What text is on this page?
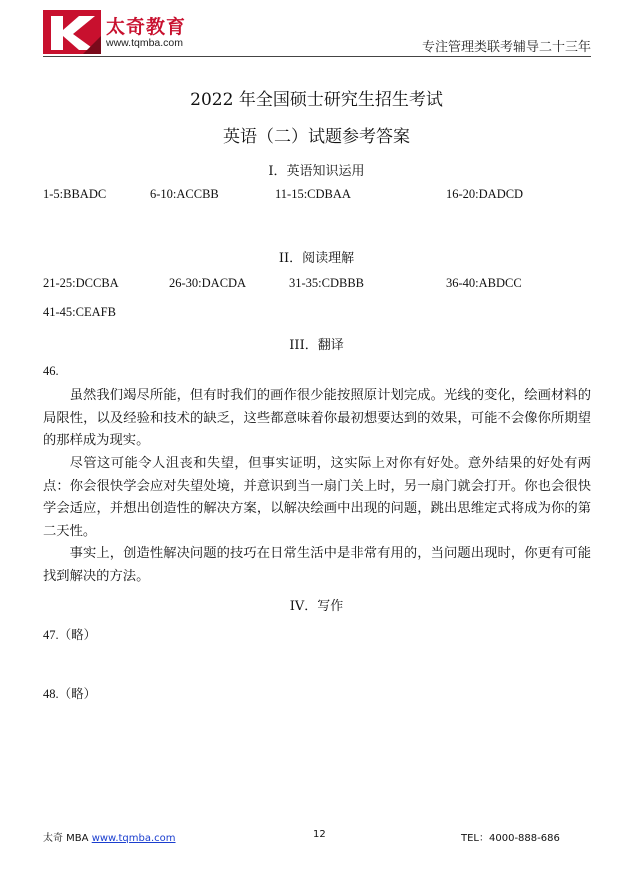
太奇教育
www.tqmba.com	专注管理类联考辅导二十三年
2022 年全国硕士研究生招生考试
英语（二）试题参考答案
I．英语知识运用
1-5:BBADC	6-10:ACCBB	11-15:CDBAA	16-20:DADCD
II．阅读理解
21-25:DCCBA	26-30:DACDA	31-35:CDBBB	36-40:ABDCC
41-45:CEAFB
III．翻译
46.

虽然我们竭尽所能，但有时我们的画作很少能按照原计划完成。光线的变化，绘画材料的局限性，以及经验和技术的缺乏，这些都意味着你最初想要达到的效果，可能不会像你所期望的那样成为现实。

尽管这可能令人沮丧和失望，但事实证明，这实际上对你有好处。意外结果的好处有两点：你会很快学会应对失望处境，并意识到当一扇门关上时，另一扇门就会打开。你也会很快学会适应，并想出创造性的解决方案，以解决绘画中出现的问题，跳出思维定式将成为你的第二天性。

事实上，创造性解决问题的技巧在日常生活中是非常有用的，当问题出现时，你更有可能找到解决的方法。

IV．写作
47.（略）
48.（略）
太奇 MBA www.tqmba.com	12	TEL：4000-888-686
